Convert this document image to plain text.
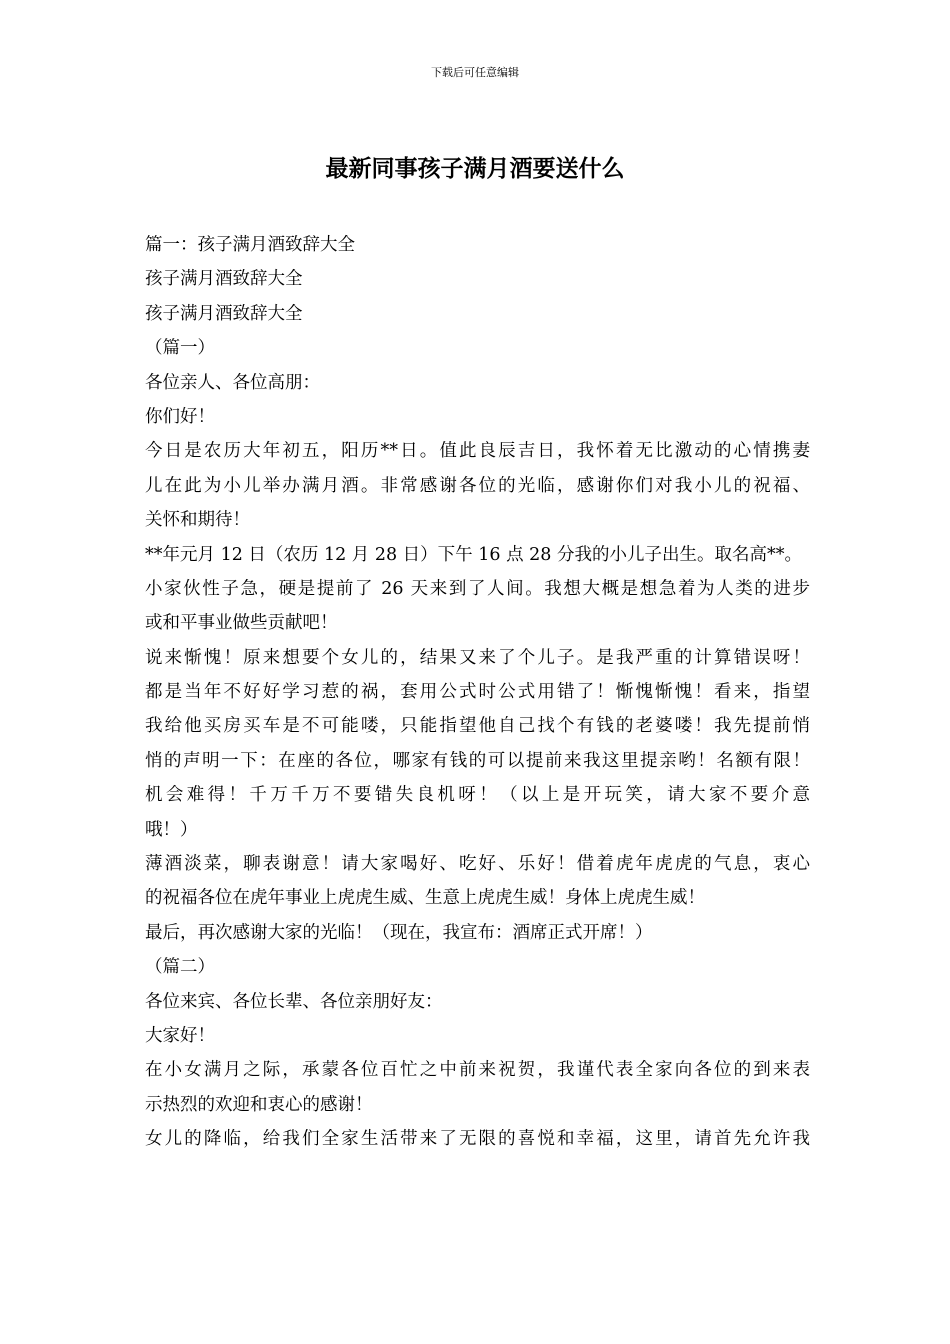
下载后可任意编辑
最新同事孩子满月酒要送什么
篇一：孩子满月酒致辞大全
孩子满月酒致辞大全
孩子满月酒致辞大全
（篇一）
各位亲人、各位高朋：
你们好！
今日是农历大年初五，阳历**日。值此良辰吉日，我怀着无比激动的心情携妻
儿在此为小儿举办满月酒。非常感谢各位的光临，感谢你们对我小儿的祝福、
关怀和期待！
**年元月 12 日（农历 12 月 28 日）下午 16 点 28 分我的小儿子出生。取名高**。
小家伙性子急，硬是提前了 26 天来到了人间。我想大概是想急着为人类的进步
或和平事业做些贡献吧！
说来惭愧！原来想要个女儿的，结果又来了个儿子。是我严重的计算错误呀！
都是当年不好好学习惹的祸，套用公式时公式用错了！惭愧惭愧！看来，指望
我给他买房买车是不可能喽，只能指望他自己找个有钱的老婆喽！我先提前悄
悄的声明一下：在座的各位，哪家有钱的可以提前来我这里提亲哟！名额有限！
机会难得！千万千万不要错失良机呀！（以上是开玩笑，请大家不要介意
哦！）
薄酒淡菜，聊表谢意！请大家喝好、吃好、乐好！借着虎年虎虎的气息，衷心
的祝福各位在虎年事业上虎虎生威、生意上虎虎生威！身体上虎虎生威！
最后，再次感谢大家的光临！（现在，我宣布：酒席正式开席！）
（篇二）
各位来宾、各位长辈、各位亲朋好友：
大家好！
在小女满月之际，承蒙各位百忙之中前来祝贺，我谨代表全家向各位的到来表
示热烈的欢迎和衷心的感谢！
女儿的降临，给我们全家生活带来了无限的喜悦和幸福，这里，请首先允许我
